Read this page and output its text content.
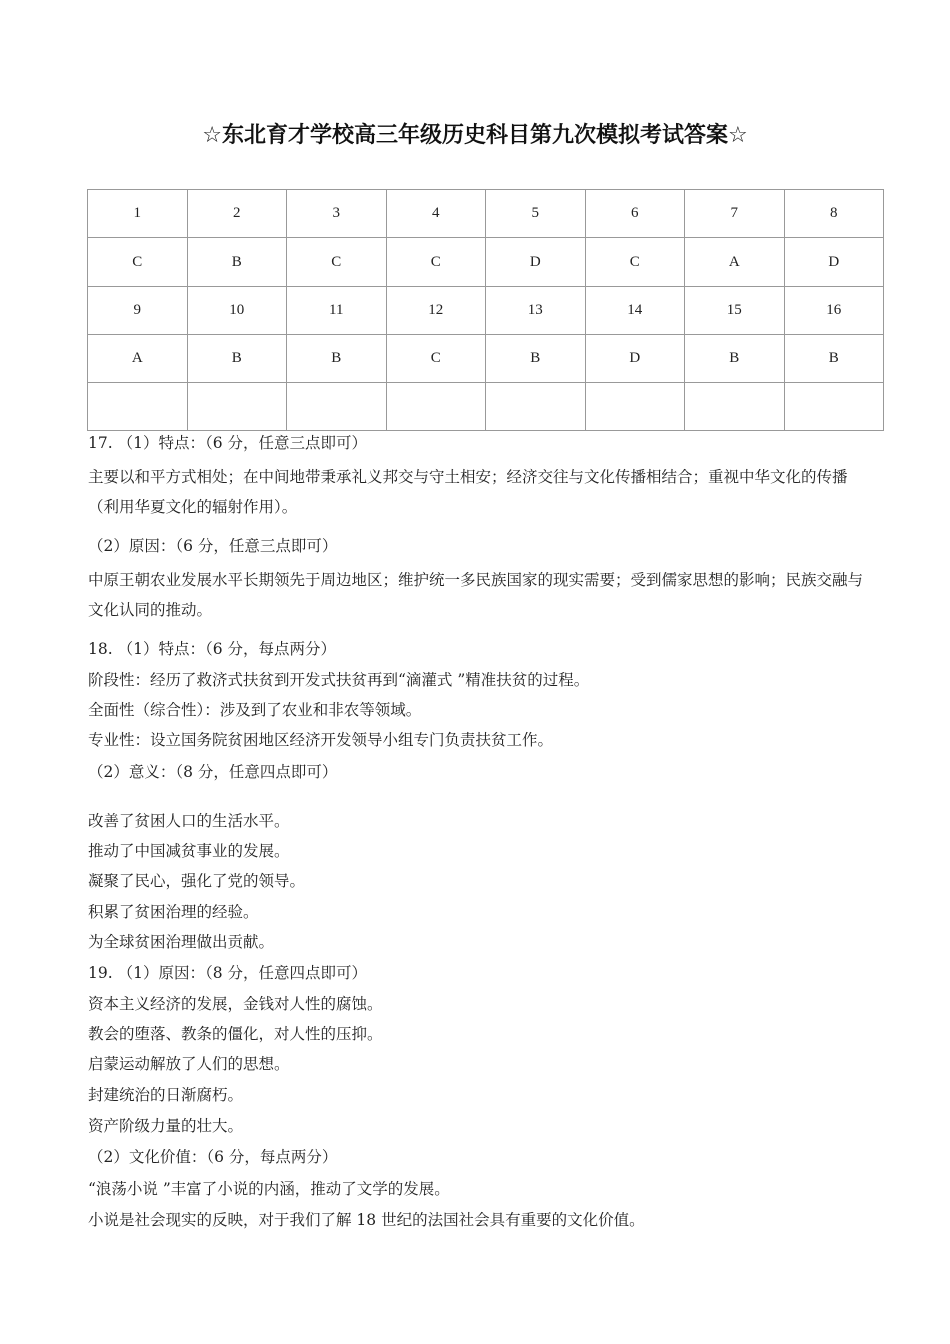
☆东北育才学校高三年级历史科目第九次模拟考试答案☆
1	2	3	4	5	6	7	8
C	B	C	C	D	C	A	D
9	10	11	12	13	14	15	16
A	B	B	C	B	D	B	B

17. （1）特点：（6 分，任意三点即可）
主要以和平方式相处；在中间地带秉承礼义邦交与守土相安；经济交往与文化传播相结合；重视中华文化的传播（利用华夏文化的辐射作用）。
（2）原因：（6 分，任意三点即可）
中原王朝农业发展水平长期领先于周边地区；维护统一多民族国家的现实需要；受到儒家思想的影响；民族交融与文化认同的推动。
18. （1）特点：（6 分，每点两分）
阶段性：经历了救济式扶贫到开发式扶贫再到“滴灌式 ”精准扶贫的过程。
全面性（综合性）：涉及到了农业和非农等领域。
专业性：设立国务院贫困地区经济开发领导小组专门负责扶贫工作。
（2）意义：（8 分，任意四点即可）
改善了贫困人口的生活水平。
推动了中国减贫事业的发展。
凝聚了民心，强化了党的领导。
积累了贫困治理的经验。
为全球贫困治理做出贡献。
19. （1）原因：（8 分，任意四点即可）
资本主义经济的发展，金钱对人性的腐蚀。
教会的堕落、教条的僵化，对人性的压抑。
启蒙运动解放了人们的思想。
封建统治的日渐腐朽。
资产阶级力量的壮大。
（2）文化价值：（6 分，每点两分）
“浪荡小说 ”丰富了小说的内涵，推动了文学的发展。
小说是社会现实的反映，对于我们了解 18 世纪的法国社会具有重要的文化价值。
